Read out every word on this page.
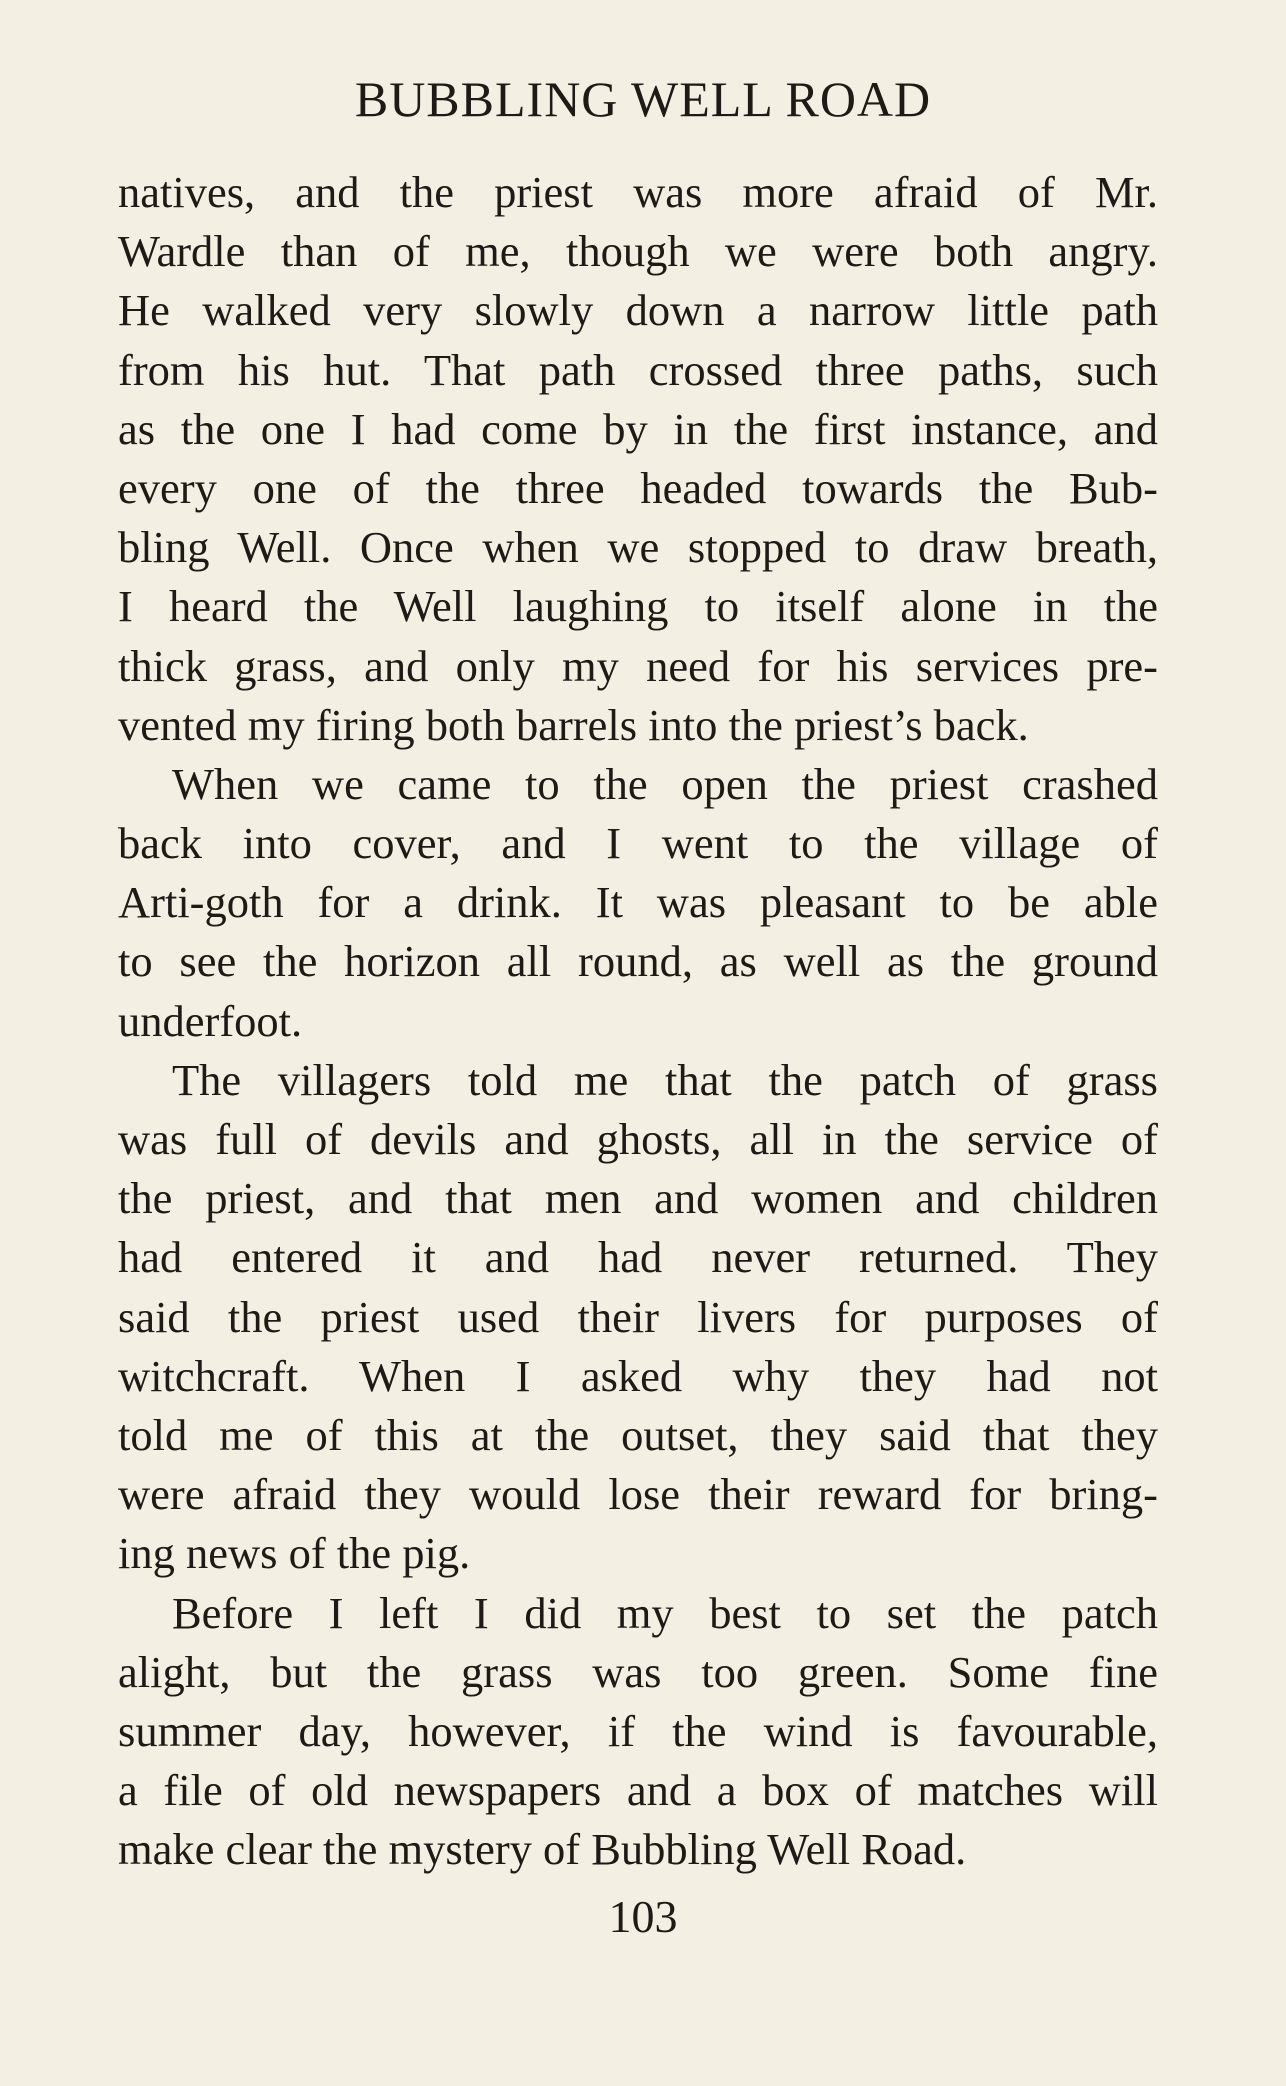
BUBBLING WELL ROAD
natives, and the priest was more afraid of Mr.
Wardle than of me, though we were both angry.
He walked very slowly down a narrow little path
from his hut. That path crossed three paths, such
as the one I had come by in the first instance, and
every one of the three headed towards the Bub-
bling Well. Once when we stopped to draw breath,
I heard the Well laughing to itself alone in the
thick grass, and only my need for his services pre-
vented my firing both barrels into the priest’s back.
When we came to the open the priest crashed
back into cover, and I went to the village of
Arti-goth for a drink. It was pleasant to be able
to see the horizon all round, as well as the ground
underfoot.
The villagers told me that the patch of grass
was full of devils and ghosts, all in the service of
the priest, and that men and women and children
had entered it and had never returned. They
said the priest used their livers for purposes of
witchcraft. When I asked why they had not
told me of this at the outset, they said that they
were afraid they would lose their reward for bring-
ing news of the pig.
Before I left I did my best to set the patch
alight, but the grass was too green. Some fine
summer day, however, if the wind is favourable,
a file of old newspapers and a box of matches will
make clear the mystery of Bubbling Well Road.
103
